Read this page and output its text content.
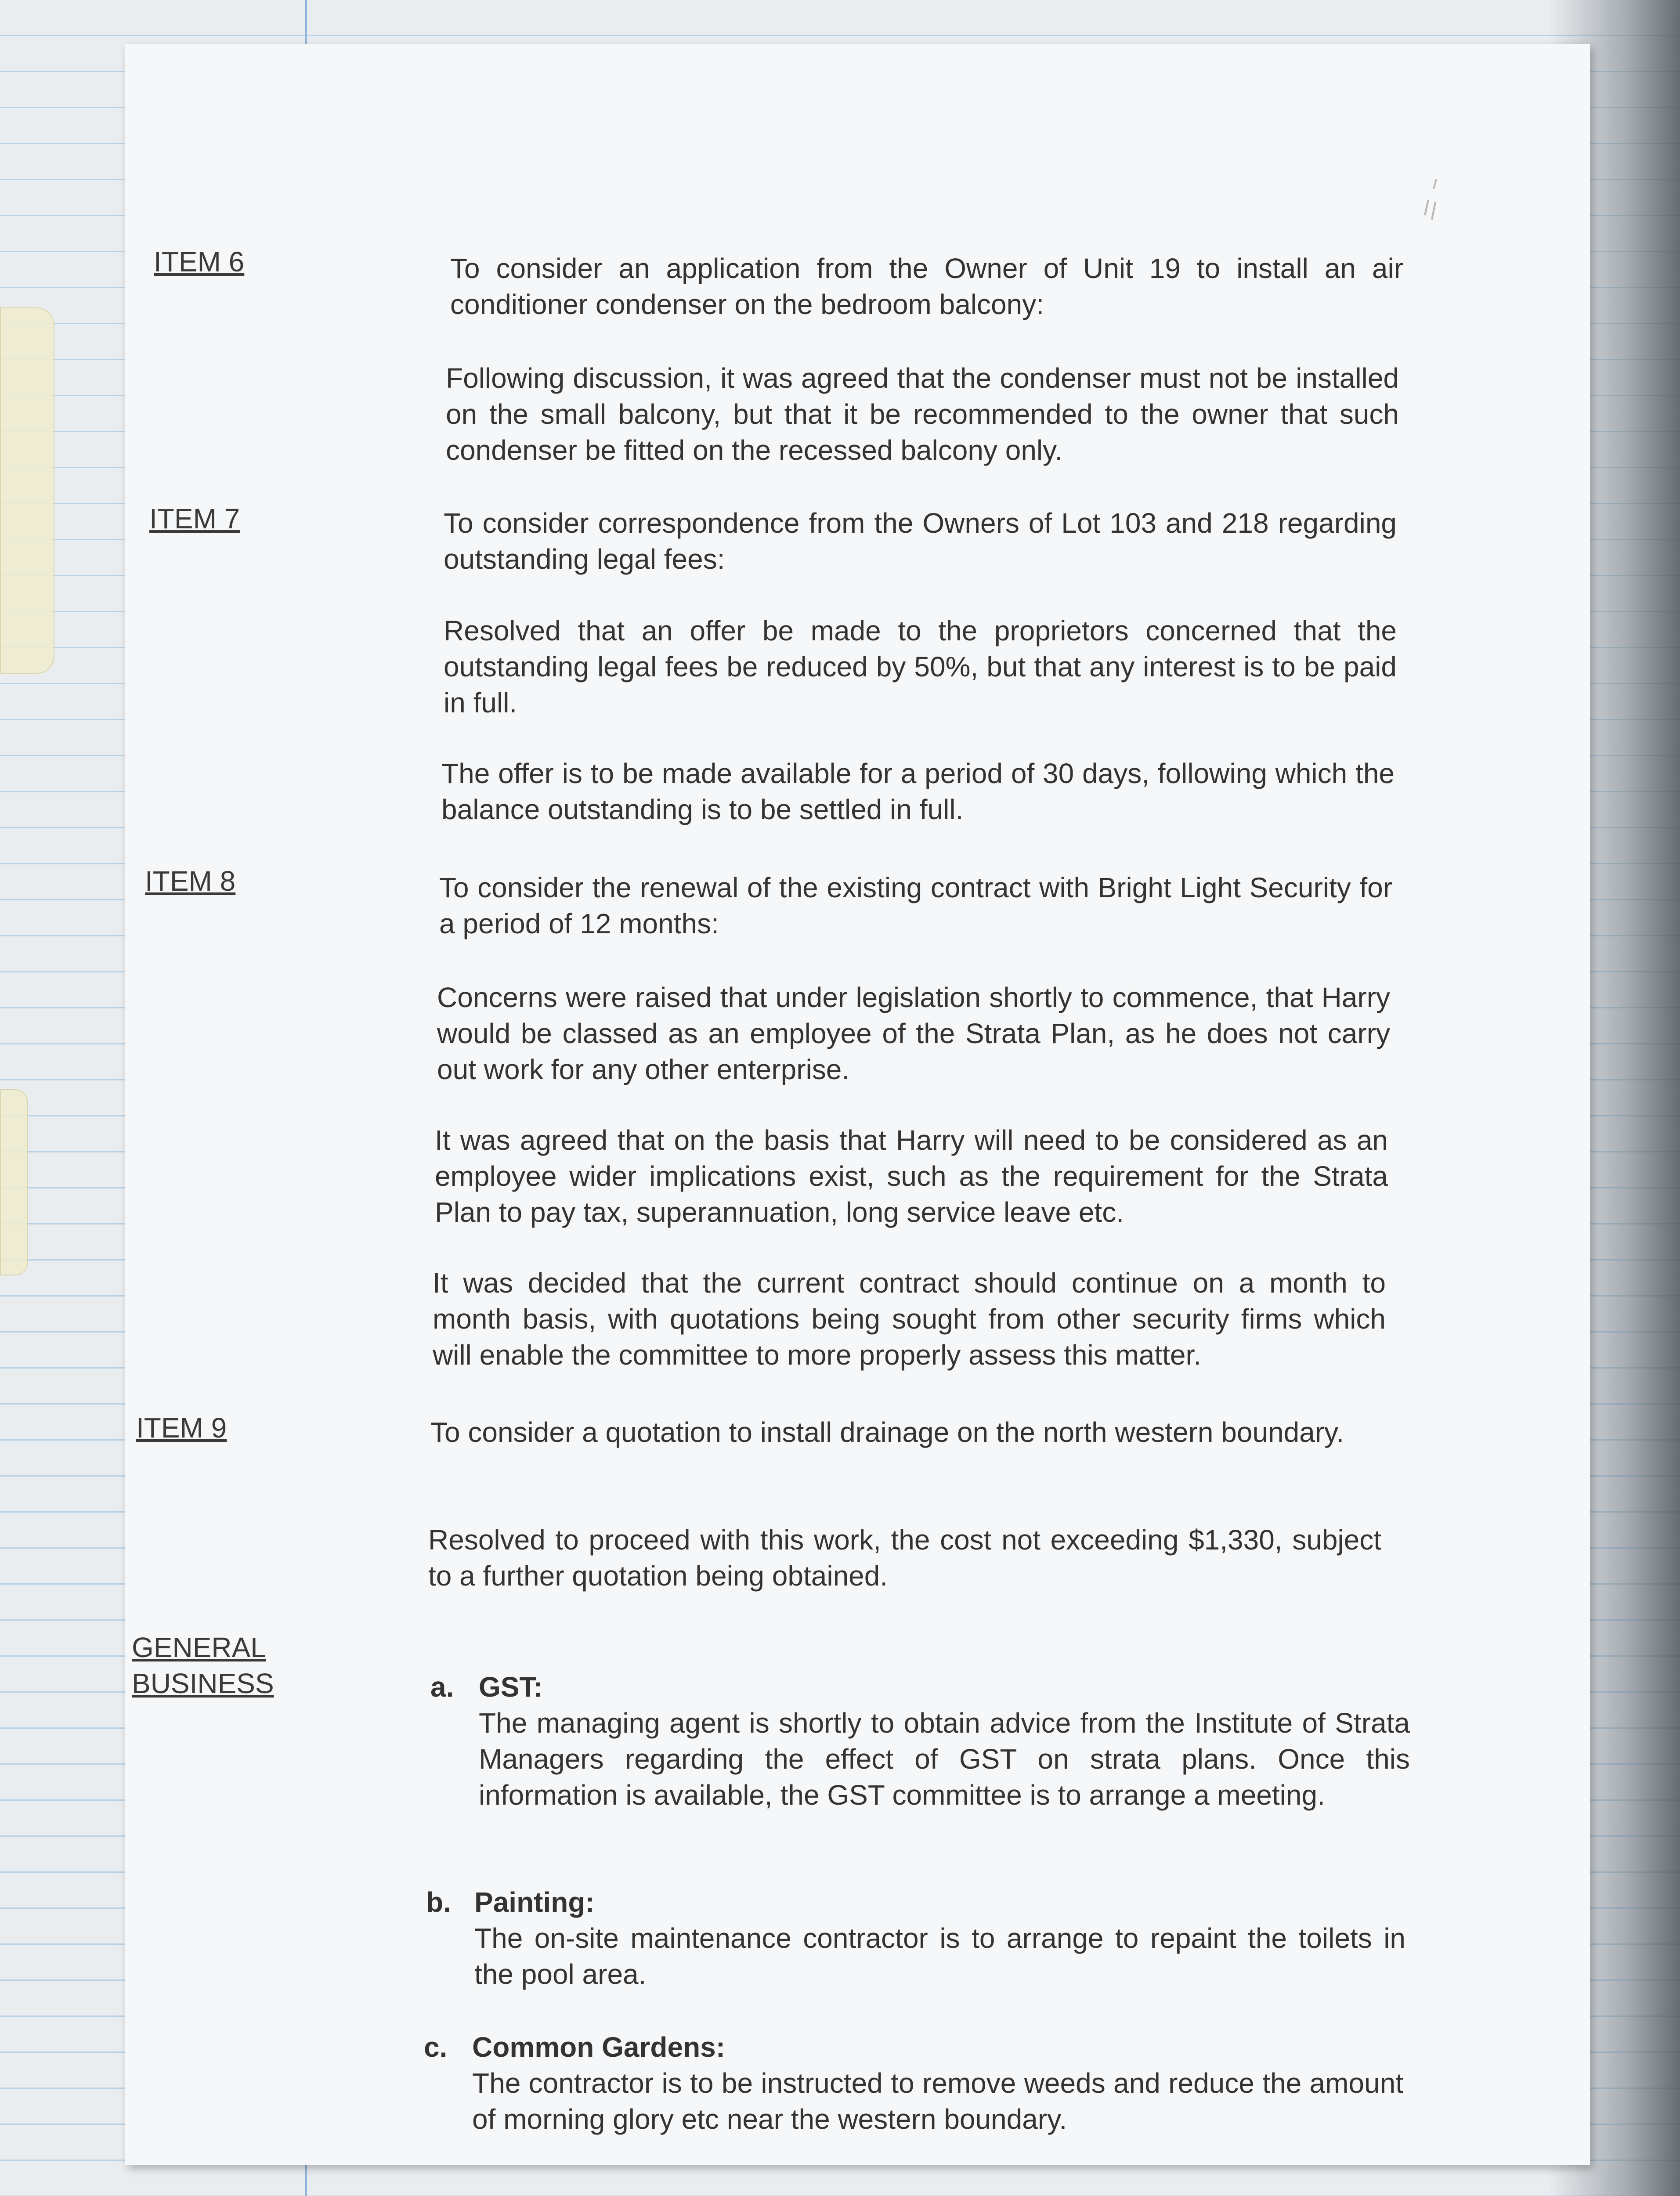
ITEM 6	To consider an application from the Owner of Unit 19 to install an air conditioner condenser on the bedroom balcony:

Following discussion, it was agreed that the condenser must not be installed on the small balcony, but that it be recommended to the owner that such condenser be fitted on the recessed balcony only.

ITEM 7	To consider correspondence from the Owners of Lot 103 and 218 regarding outstanding legal fees:

Resolved that an offer be made to the proprietors concerned that the outstanding legal fees be reduced by 50%, but that any interest is to be paid in full.

The offer is to be made available for a period of 30 days, following which the balance outstanding is to be settled in full.

ITEM 8	To consider the renewal of the existing contract with Bright Light Security for a period of 12 months:

Concerns were raised that under legislation shortly to commence, that Harry would be classed as an employee of the Strata Plan, as he does not carry out work for any other enterprise.

It was agreed that on the basis that Harry will need to be considered as an employee wider implications exist, such as the requirement for the Strata Plan to pay tax, superannuation, long service leave etc.

It was decided that the current contract should continue on a month to month basis, with quotations being sought from other security firms which will enable the committee to more properly assess this matter.

ITEM 9	To consider a quotation to install drainage on the north western boundary.

Resolved to proceed with this work, the cost not exceeding $1,330, subject to a further quotation being obtained.

GENERAL
BUSINESS	a. GST:

The managing agent is shortly to obtain advice from the Institute of Strata Managers regarding the effect of GST on strata plans. Once this information is available, the GST committee is to arrange a meeting.

b. Painting:

The on-site maintenance contractor is to arrange to repaint the toilets in the pool area.

c. Common Gardens:

The contractor is to be instructed to remove weeds and reduce the amount of morning glory etc near the western boundary.
